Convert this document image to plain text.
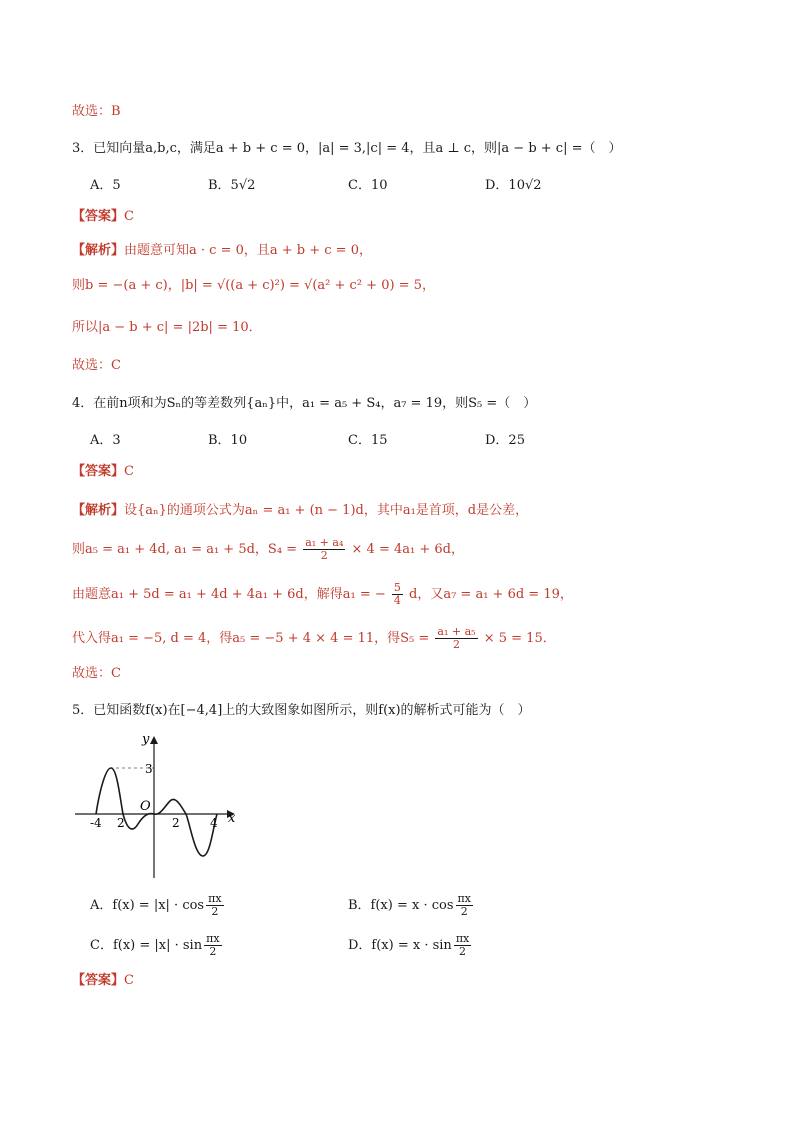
故选：B
3．已知向量a,b,c，满足a + b + c = 0，|a| = 3,|c| = 4，且a ⊥ c，则|a − b + c| =（　）
A．5	B．5√2	C．10	D．10√2
【答案】C
【解析】由题意可知a · c = 0，且a + b + c = 0，
则b = −(a + c)，|b| = √((a + c)²) = √(a² + c² + 0) = 5，
所以|a − b + c| = |2b| = 10．
故选：C
4．在前n项和为Sₙ的等差数列{aₙ}中，a₁ = a₅ + S₄，a₇ = 19，则S₅ =（　）
A．3	B．10	C．15	D．25
【答案】C
【解析】设{aₙ}的通项公式为aₙ = a₁ + (n − 1)d，其中a₁是首项，d是公差，
则a₅ = a₁ + 4d, a₁ = a₁ + 5d，$S_4 = \frac{\text{a₁ + a₄}}{2} \times 4 = 4a_1 + 6d$，
由题意a₁ + 5d = a₁ + 4d + 4a₁ + 6d，解得a₁ = − $\frac{5}{4}$ d，又a₇ = a₁ + 6d = 19，
代入得a₁ = −5, d = 4，得a₅ = −5 + 4 × 4 = 11，得$S_5 = \frac{\text{a₁ + a₅}}{2} \times 5 = 15$．
故选：C
5．已知函数f(x)在[−4,4]上的大致图象如图所示，则f(x)的解析式可能为（　）
y
x
O
3
-4 2	2	4
A．$f(x) = |x| \cdot \cos \frac{\pi x}{2}$	B．$f(x) = x \cdot \cos \frac{\pi x}{2}$
C．$f(x) = |x| \cdot \sin \frac{\pi x}{2}$	D．$f(x) = x \cdot \sin \frac{\pi x}{2}$
【答案】C
